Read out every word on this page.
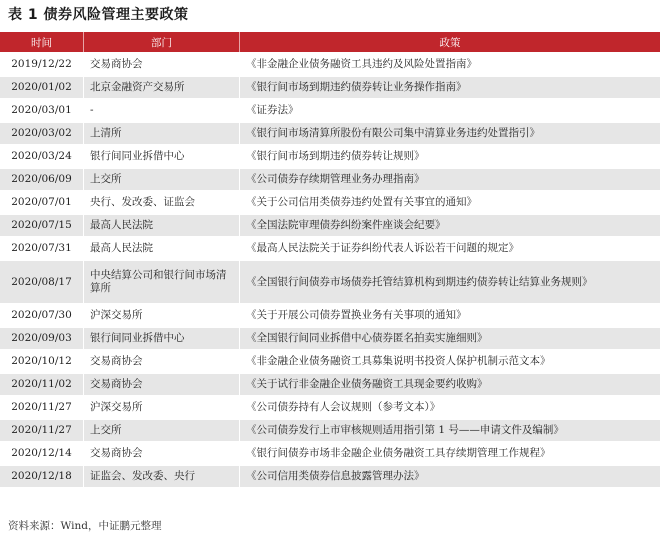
表 1 债券风险管理主要政策
时间	部门	政策
2019/12/22	交易商协会	《非金融企业债务融资工具违约及风险处置指南》
2020/01/02	北京金融资产交易所	《银行间市场到期违约债券转让业务操作指南》
2020/03/01	-	《证券法》
2020/03/02	上清所	《银行间市场清算所股份有限公司集中清算业务违约处置指引》
2020/03/24	银行间同业拆借中心	《银行间市场到期违约债券转让规则》
2020/06/09	上交所	《公司债券存续期管理业务办理指南》
2020/07/01	央行、发改委、证监会	《关于公司信用类债券违约处置有关事宜的通知》
2020/07/15	最高人民法院	《全国法院审理债券纠纷案件座谈会纪要》
2020/07/31	最高人民法院	《最高人民法院关于证券纠纷代表人诉讼若干问题的规定》
2020/08/17	中央结算公司和银行间市场清算所	《全国银行间债券市场债券托管结算机构到期违约债券转让结算业务规则》
2020/07/30	沪深交易所	《关于开展公司债券置换业务有关事项的通知》
2020/09/03	银行间同业拆借中心	《全国银行间同业拆借中心债券匿名拍卖实施细则》
2020/10/12	交易商协会	《非金融企业债务融资工具募集说明书投资人保护机制示范文本》
2020/11/02	交易商协会	《关于试行非金融企业债务融资工具现金要约收购》
2020/11/27	沪深交易所	《公司债券持有人会议规则（参考文本）》
2020/11/27	上交所	《公司债券发行上市审核规则适用指引第 1 号——申请文件及编制》
2020/12/14	交易商协会	《银行间债券市场非金融企业债务融资工具存续期管理工作规程》
2020/12/18	证监会、发改委、央行	《公司信用类债券信息披露管理办法》
资料来源：Wind，中证鹏元整理
